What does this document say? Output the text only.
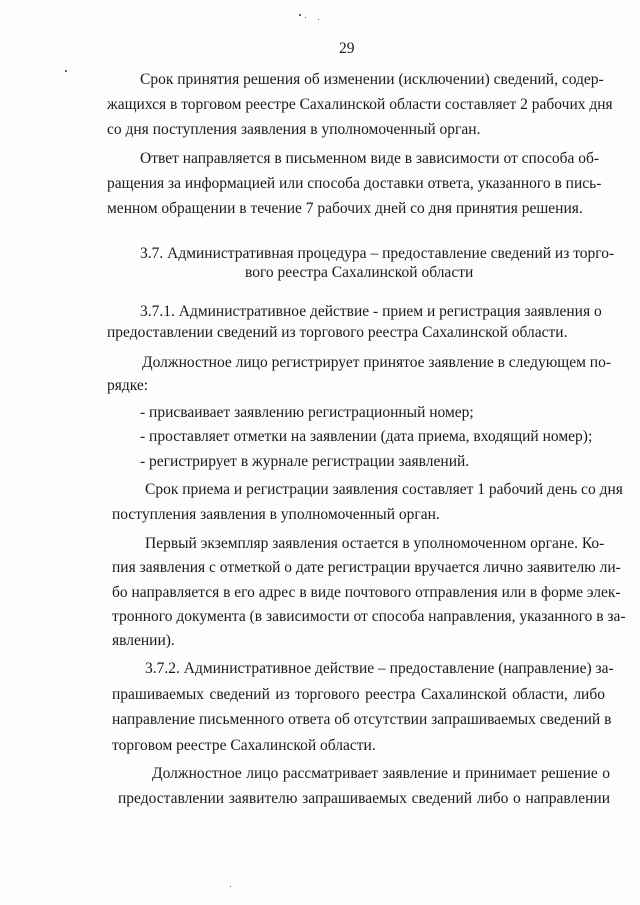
29
Срок принятия решения об изменении (исключении) сведений, содер-
жащихся в торговом реестре Сахалинской области составляет 2 рабочих дня
со дня поступления заявления в уполномоченный орган.
Ответ направляется в письменном виде в зависимости от способа об-
ращения за информацией или способа доставки ответа, указанного в пись-
менном обращении в течение 7 рабочих дней со дня принятия решения.
3.7. Административная процедура – предоставление сведений из торго-
вого реестра Сахалинской области
3.7.1. Административное действие - прием и регистрация заявления о
предоставлении сведений из торгового реестра Сахалинской области.
Должностное лицо регистрирует принятое заявление в следующем по-
рядке:
- присваивает заявлению регистрационный номер;
- проставляет отметки на заявлении (дата приема, входящий номер);
- регистрирует в журнале регистрации заявлений.
Срок приема и регистрации заявления составляет 1 рабочий день со дня
поступления заявления в уполномоченный орган.
Первый экземпляр заявления остается в уполномоченном органе. Ко-
пия заявления с отметкой о дате регистрации вручается лично заявителю ли-
бо направляется в его адрес в виде почтового отправления или в форме элек-
тронного документа (в зависимости от способа направления, указанного в за-
явлении).
3.7.2. Административное действие – предоставление (направление) за-
прашиваемых сведений из торгового реестра Сахалинской области, либо
направление письменного ответа об отсутствии запрашиваемых сведений в
торговом реестре Сахалинской области.
Должностное лицо рассматривает заявление и принимает решение о
предоставлении заявителю запрашиваемых сведений либо о направлении
